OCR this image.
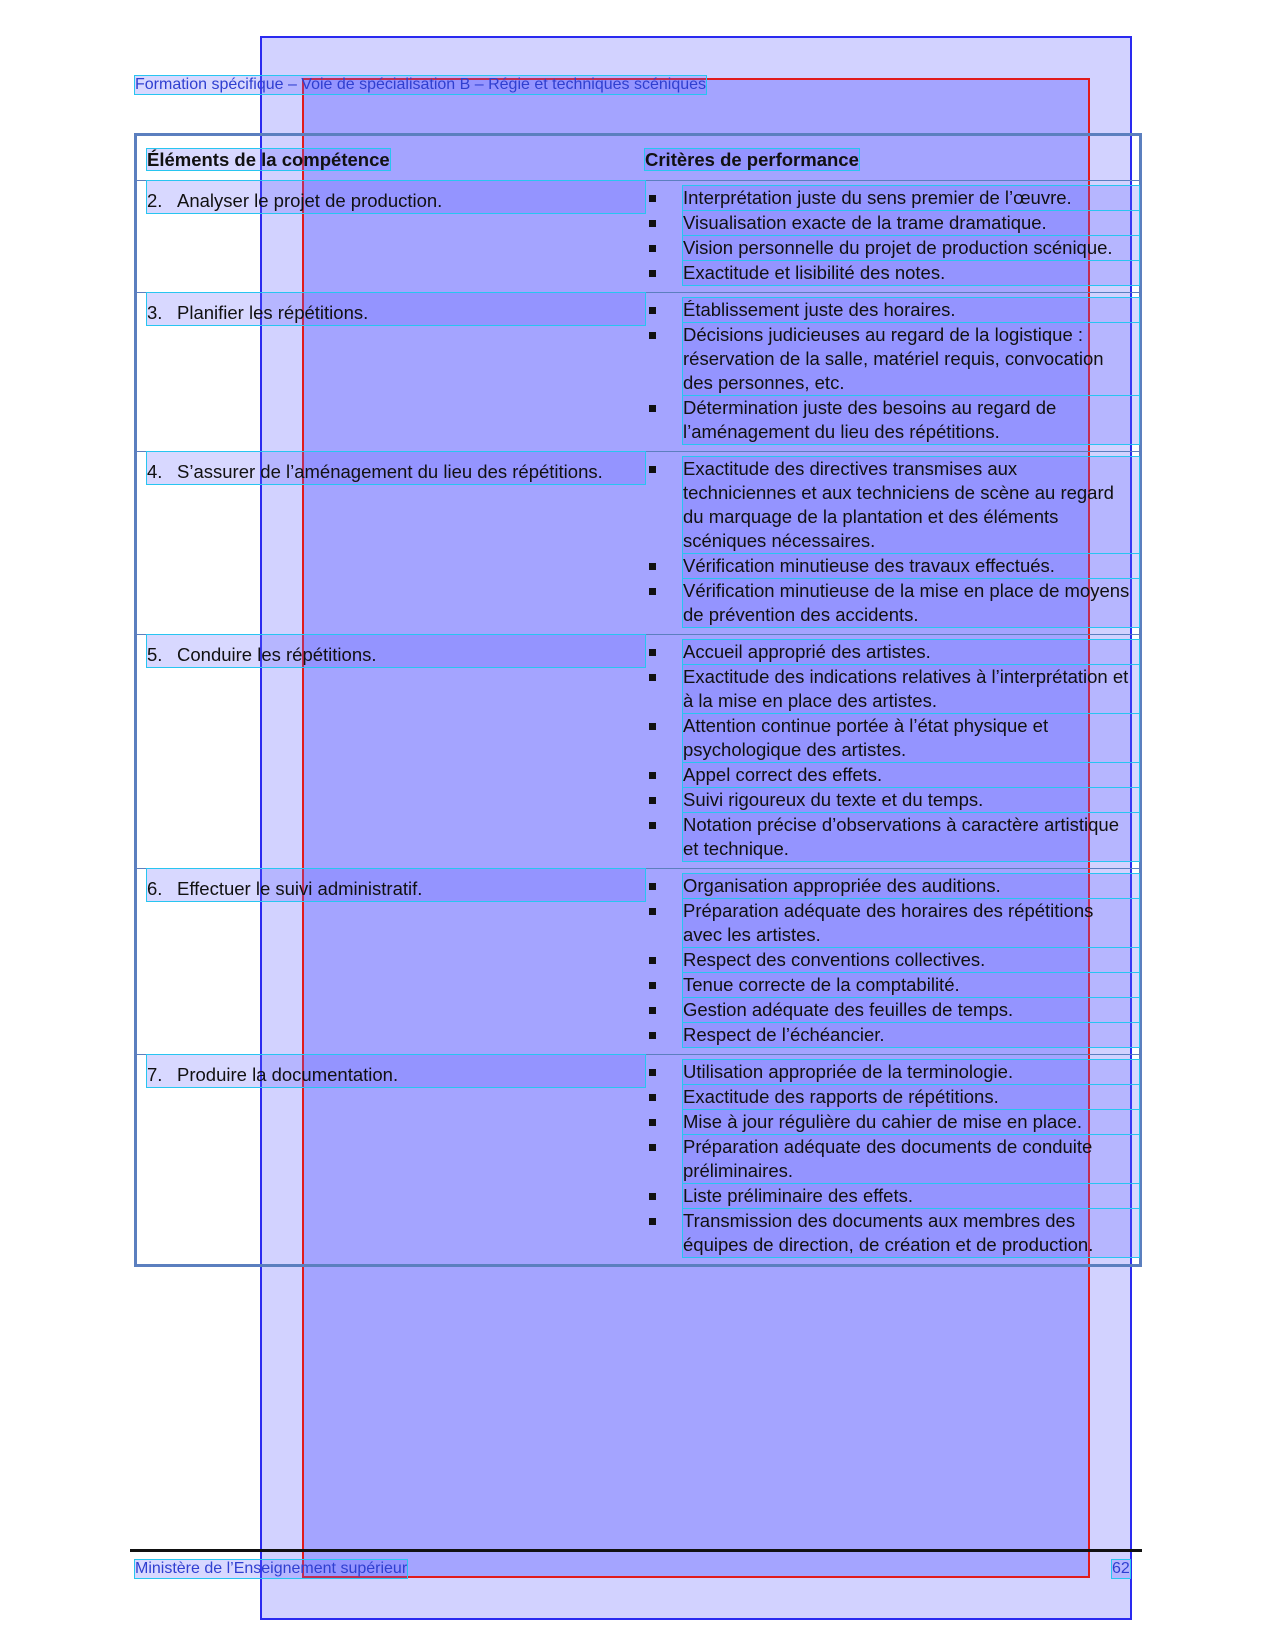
Formation spécifique – Voie de spécialisation B – Régie et techniques scéniques
Éléments de la compétence	Critères de performance
2. Analyser le projet de production.	Interprétation juste du sens premier de l’œuvre.
Visualisation exacte de la trame dramatique.
Vision personnelle du projet de production scénique.
Exactitude et lisibilité des notes.
3. Planifier les répétitions.	Établissement juste des horaires.
Décisions judicieuses au regard de la logistique : réservation de la salle, matériel requis, convocation des personnes, etc.
Détermination juste des besoins au regard de l’aménagement du lieu des répétitions.
4. S’assurer de l’aménagement du lieu des répétitions.	Exactitude des directives transmises aux techniciennes et aux techniciens de scène au regard du marquage de la plantation et des éléments scéniques nécessaires.
Vérification minutieuse des travaux effectués.
Vérification minutieuse de la mise en place de moyens de prévention des accidents.
5. Conduire les répétitions.	Accueil approprié des artistes.
Exactitude des indications relatives à l’interprétation et à la mise en place des artistes.
Attention continue portée à l’état physique et psychologique des artistes.
Appel correct des effets.
Suivi rigoureux du texte et du temps.
Notation précise d’observations à caractère artistique et technique.
6. Effectuer le suivi administratif.	Organisation appropriée des auditions.
Préparation adéquate des horaires des répétitions avec les artistes.
Respect des conventions collectives.
Tenue correcte de la comptabilité.
Gestion adéquate des feuilles de temps.
Respect de l’échéancier.
7. Produire la documentation.	Utilisation appropriée de la terminologie.
Exactitude des rapports de répétitions.
Mise à jour régulière du cahier de mise en place.
Préparation adéquate des documents de conduite préliminaires.
Liste préliminaire des effets.
Transmission des documents aux membres des équipes de direction, de création et de production.
Ministère de l’Enseignement supérieur	62
